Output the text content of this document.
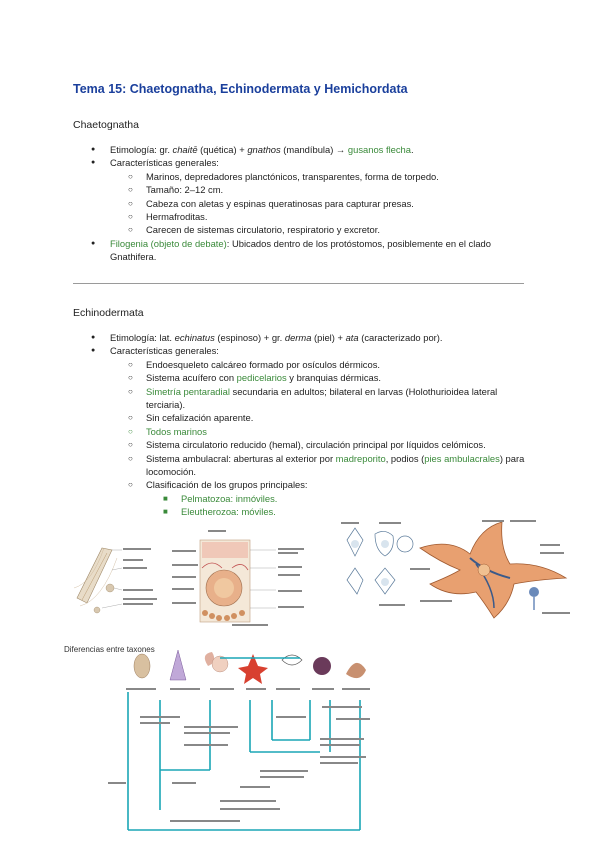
Tema 15: Chaetognatha, Echinodermata y Hemichordata
Chaetognatha
● Etimología: gr. chaitē (quética) + gnathos (mandíbula) → gusanos flecha.
● Características generales:
○ Marinos, depredadores planctónicos, transparentes, forma de torpedo.
○ Tamaño: 2–12 cm.
○ Cabeza con aletas y espinas queratinosas para capturar presas.
○ Hermafroditas.
○ Carecen de sistemas circulatorio, respiratorio y excretor.
● Filogenia (objeto de debate): Ubicados dentro de los protóstomos, posiblemente en el clado Gnathifera.
Echinodermata
● Etimología: lat. echinatus (espinoso) + gr. derma (piel) + ata (caracterizado por).
● Características generales:
○ Endoesqueleto calcáreo formado por osículos dérmicos.
○ Sistema acuífero con pedicelarios y branquias dérmicas.
○ Simetría pentaradial secundaria en adultos; bilateral en larvas (Holothurioidea lateral terciaria).
○ Sin cefalización aparente.
○ Todos marinos
○ Sistema circulatorio reducido (hemal), circulación principal por líquidos celómicos.
○ Sistema ambulacral: aberturas al exterior por madreporito, podios (pies ambulacrales) para locomoción.
○ Clasificación de los grupos principales:
■ Pelmatozoa: inmóviles.
■ Eleutherozoa: móviles.
Diferencias entre taxones
